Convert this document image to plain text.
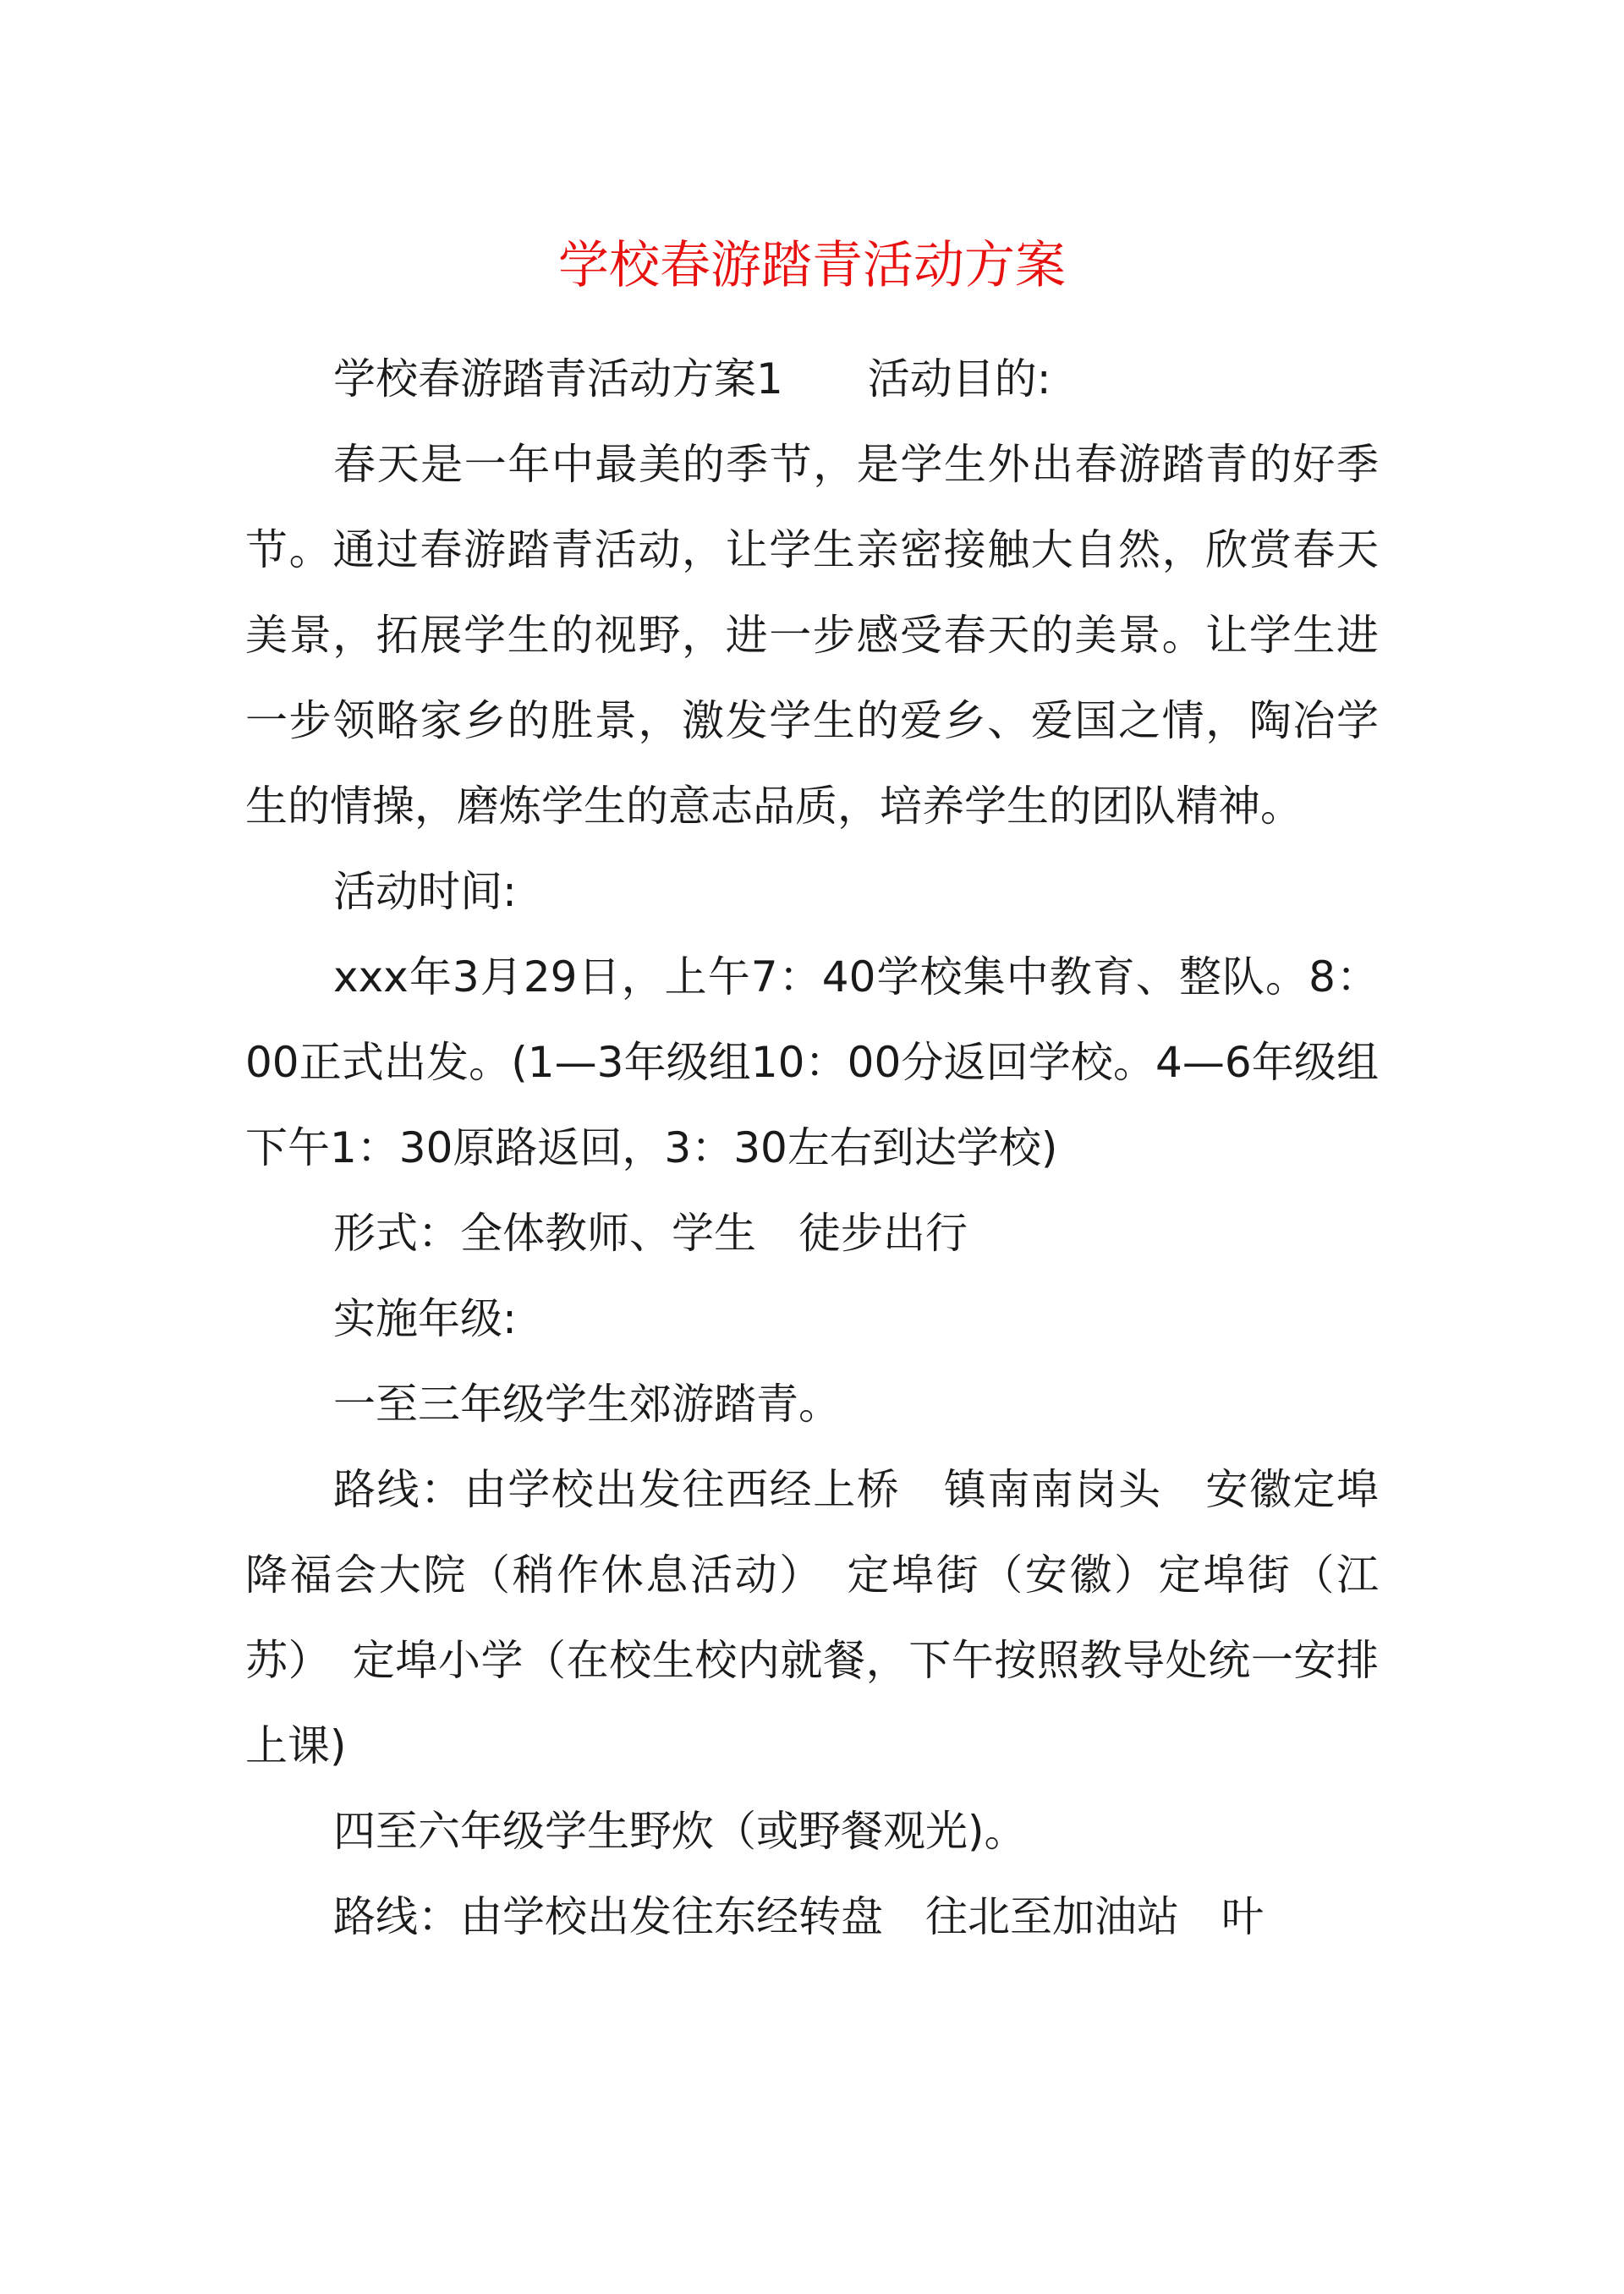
学校春游踏青活动方案

学校春游踏青活动方案1　　活动目的:

春天是一年中最美的季节，是学生外出春游踏青的好季节。通过春游踏青活动，让学生亲密接触大自然，欣赏春天美景，拓展学生的视野，进一步感受春天的美景。让学生进一步领略家乡的胜景，激发学生的爱乡、爱国之情，陶冶学生的情操，磨炼学生的意志品质，培养学生的团队精神。

活动时间:

xxx年3月29日，上午7：40学校集中教育、整队。8：00正式出发。(1—3年级组10：00分返回学校。4—6年级组下午1：30原路返回，3：30左右到达学校)

形式：全体教师、学生　徒步出行

实施年级:

一至三年级学生郊游踏青。

路线：由学校出发往西经上桥　镇南南岗头　安徽定埠降福会大院（稍作休息活动）　定埠街（安徽）定埠街（江苏）　定埠小学（在校生校内就餐，下午按照教导处统一安排上课)

四至六年级学生野炊（或野餐观光)。

路线：由学校出发往东经转盘　往北至加油站　叶
